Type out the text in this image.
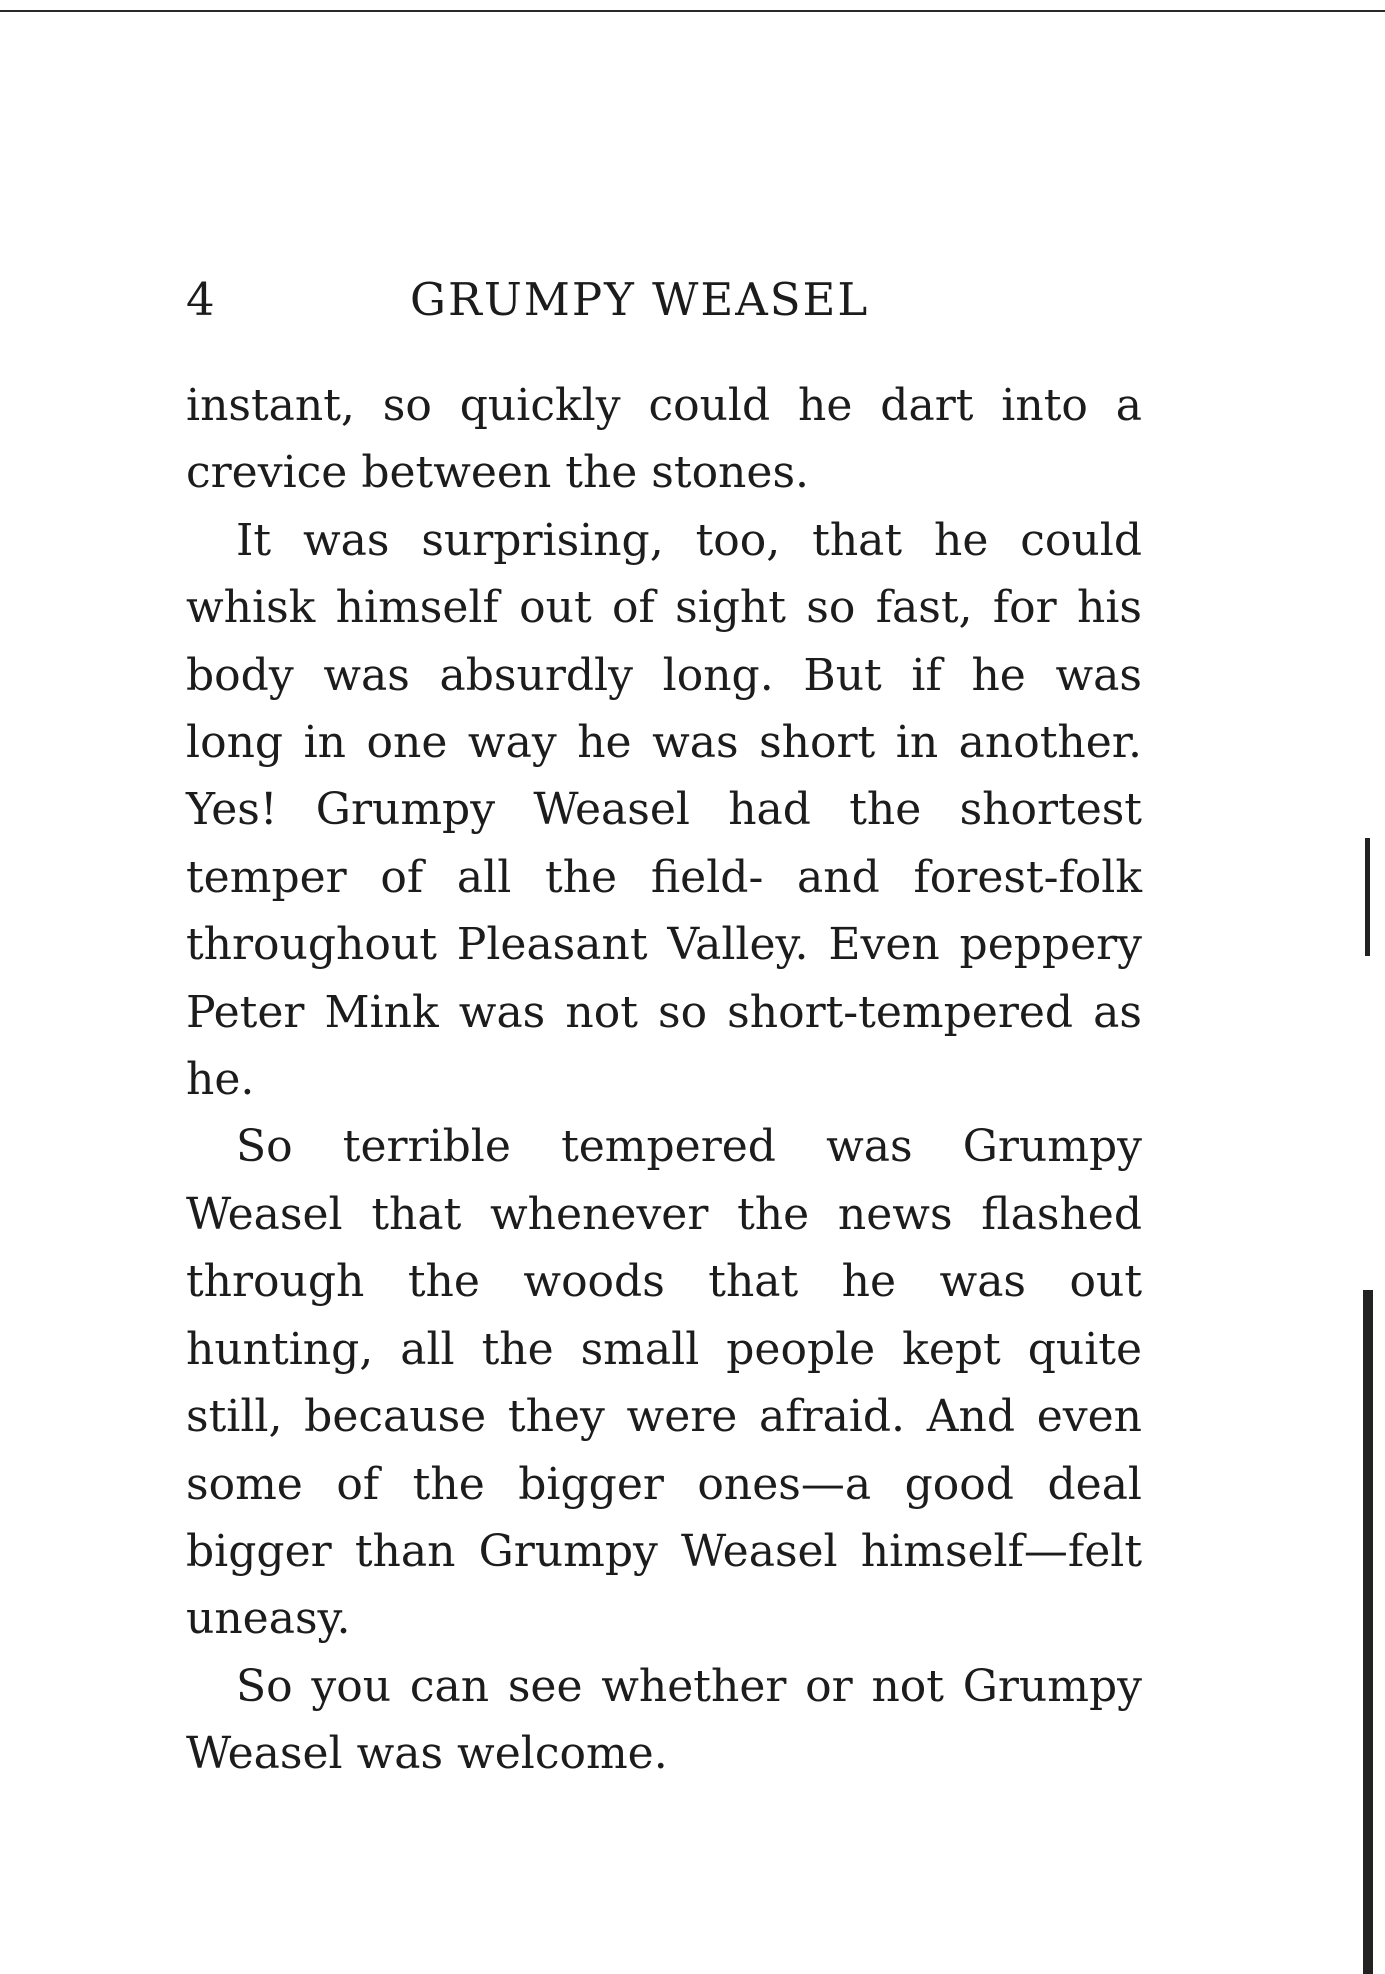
4	GRUMPY WEASEL

instant, so quickly could he dart into a crevice between the stones.

It was surprising, too, that he could whisk himself out of sight so fast, for his body was absurdly long. But if he was long in one way he was short in another. Yes! Grumpy Weasel had the shortest temper of all the field- and forest-folk throughout Pleasant Valley. Even peppery Peter Mink was not so short-tempered as he.

So terrible tempered was Grumpy Weasel that whenever the news flashed through the woods that he was out hunting, all the small people kept quite still, because they were afraid. And even some of the bigger ones—a good deal bigger than Grumpy Weasel himself—felt uneasy.

So you can see whether or not Grumpy Weasel was welcome.
